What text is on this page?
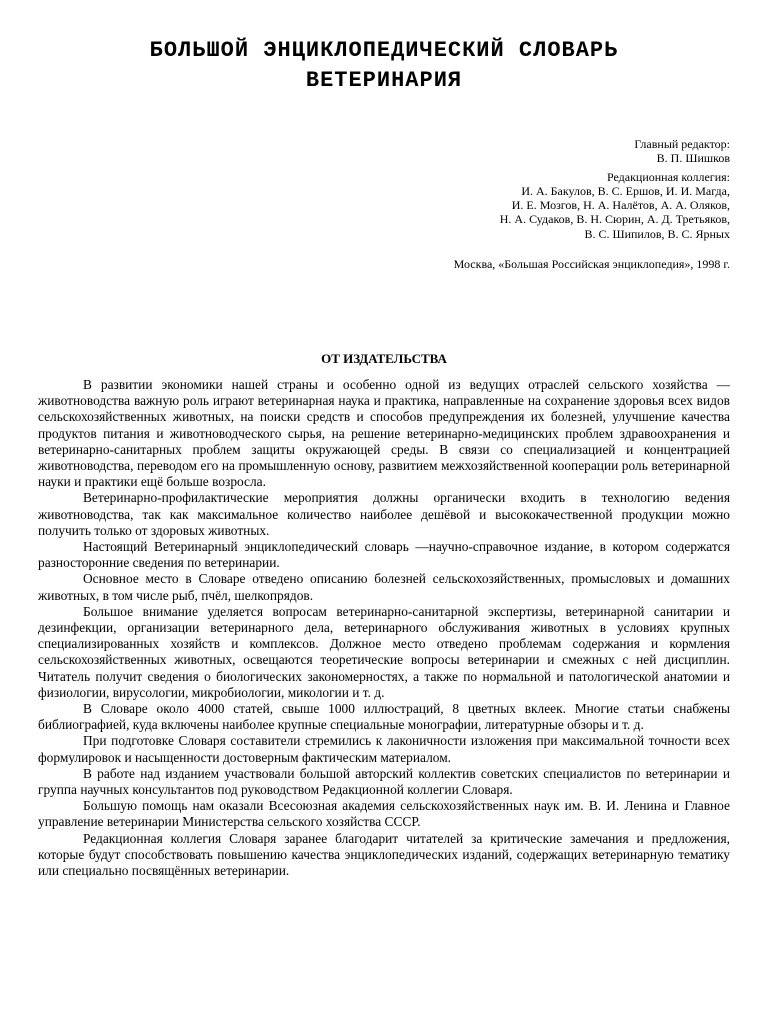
БОЛЬШОЙ ЭНЦИКЛОПЕДИЧЕСКИЙ СЛОВАРЬ
ВЕТЕРИНАРИЯ
Главный редактор:
В. П. Шишков
Редакционная коллегия:
И. А. Бакулов, В. С. Ершов, И. И. Магда,
И. Е. Мозгов, Н. А. Налётов, А. А. Оляков,
Н. А. Судаков, В. Н. Сюрин, А. Д. Третьяков,
В. С. Шипилов, В. С. Ярных
Москва, «Большая Российская энциклопедия», 1998 г.
ОТ ИЗДАТЕЛЬСТВА

В развитии экономики нашей страны и особенно одной из ведущих отраслей сельского хозяйства — животноводства важную роль играют ветеринарная наука и практика, направленные на сохранение здоровья всех видов сельскохозяйственных животных, на поиски средств и способов предупреждения их болезней, улучшение качества продуктов питания и животноводческого сырья, на решение ветеринарно-медицинских проблем здравоохранения и ветеринарно-санитарных проблем защиты окружающей среды. В связи со специализацией и концентрацией животноводства, переводом его на промышленную основу, развитием межхозяйственной кооперации роль ветеринарной науки и практики ещё больше возросла.

Ветеринарно-профилактические мероприятия должны органически входить в технологию ведения животноводства, так как максимальное количество наиболее дешёвой и высококачественной продукции можно получить только от здоровых животных.

Настоящий Ветеринарный энциклопедический словарь —научно-справочное издание, в котором содержатся разносторонние сведения по ветеринарии.

Основное место в Словаре отведено описанию болезней сельскохозяйственных, промысловых и домашних животных, в том числе рыб, пчёл, шелкопрядов.

Большое внимание уделяется вопросам ветеринарно-санитарной экспертизы, ветеринарной санитарии и дезинфекции, организации ветеринарного дела, ветеринарного обслуживания животных в условиях крупных специализированных хозяйств и комплексов. Должное место отведено проблемам содержания и кормления сельскохозяйственных животных, освещаются теоретические вопросы ветеринарии и смежных с ней дисциплин. Читатель получит сведения о биологических закономерностях, а также по нормальной и патологической анатомии и физиологии, вирусологии, микробиологии, микологии и т. д.

В Словаре около 4000 статей, свыше 1000 иллюстраций, 8 цветных вклеек. Многие статьи снабжены библиографией, куда включены наиболее крупные специальные монографии, литературные обзоры и т. д.

При подготовке Словаря составители стремились к лаконичности изложения при максимальной точности всех формулировок и насыщенности достоверным фактическим материалом.

В работе над изданием участвовали большой авторский коллектив советских специалистов по ветеринарии и группа научных консультантов под руководством Редакционной коллегии Словаря.

Большую помощь нам оказали Всесоюзная академия сельскохозяйственных наук им. В. И. Ленина и Главное управление ветеринарии Министерства сельского хозяйства СССР.

Редакционная коллегия Словаря заранее благодарит читателей за критические замечания и предложения, которые будут способствовать повышению качества энциклопедических изданий, содержащих ветеринарную тематику или специально посвящённых ветеринарии.
